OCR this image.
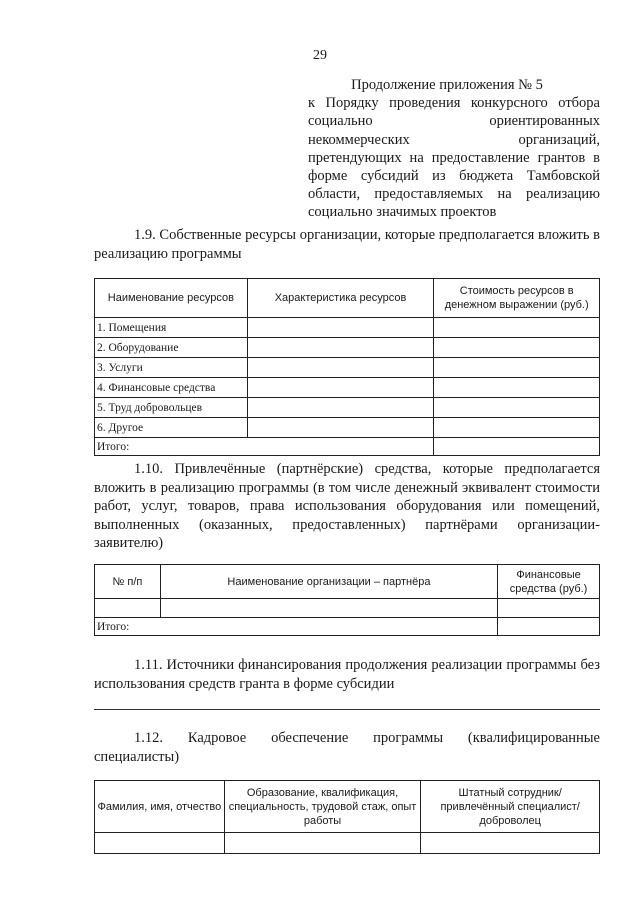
29
Продолжение приложения № 5
к Порядку проведения конкурсного отбора
социально ориентированных
некоммерческих организаций,
претендующих на предоставление грантов в
форме субсидий из бюджета Тамбовской
области, предоставляемых на реализацию
социально значимых проектов
1.9. Собственные ресурсы организации, которые предполагается вложить в реализацию программы
Наименование ресурсов	Характеристика ресурсов	Стоимость ресурсов в денежном выражении (руб.)
1. Помещения		
2. Оборудование		
3. Услуги		
4. Финансовые средства		
5. Труд добровольцев		
6. Другое		
Итого:		
1.10. Привлечённые (партнёрские) средства, которые предполагается вложить в реализацию программы (в том числе денежный эквивалент стоимости работ, услуг, товаров, права использования оборудования или помещений, выполненных (оказанных, предоставленных) партнёрами организации-заявителю)
№ п/п	Наименование организации – партнёра	Финансовые средства (руб.)

Итого:		
1.11. Источники финансирования продолжения реализации программы без использования средств гранта в форме субсидии
1.12. Кадровое обеспечение программы (квалифицированные специалисты)
Фамилия, имя, отчество	Образование, квалификация, специальность, трудовой стаж, опыт работы	Штатный сотрудник/ привлечённый специалист/ доброволец
